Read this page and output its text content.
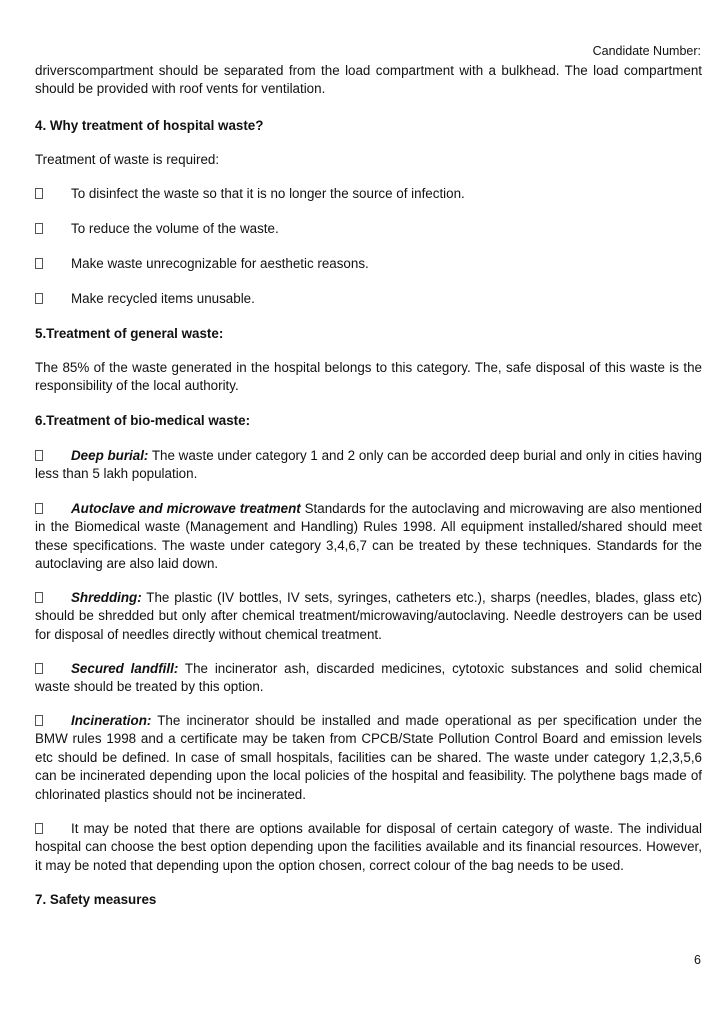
Candidate Number:
driverscompartment should be separated from the load compartment with a bulkhead. The load compartment should be provided with roof vents for ventilation.
4. Why treatment of hospital waste?
Treatment of waste is required:
To disinfect the waste so that it is no longer the source of infection.
To reduce the volume of the waste.
Make waste unrecognizable for aesthetic reasons.
Make recycled items unusable.
5.Treatment of general waste:
The 85% of the waste generated in the hospital belongs to this category. The, safe disposal of this waste is the responsibility of the local authority.
6.Treatment of bio-medical waste:
Deep burial: The waste under category 1 and 2 only can be accorded deep burial and only in cities having less than 5 lakh population.
Autoclave and microwave treatment Standards for the autoclaving and microwaving are also mentioned in the Biomedical waste (Management and Handling) Rules 1998. All equipment installed/shared should meet these specifications. The waste under category 3,4,6,7 can be treated by these techniques. Standards for the autoclaving are also laid down.
Shredding: The plastic (IV bottles, IV sets, syringes, catheters etc.), sharps (needles, blades, glass etc) should be shredded but only after chemical treatment/microwaving/autoclaving. Needle destroyers can be used for disposal of needles directly without chemical treatment.
Secured landfill: The incinerator ash, discarded medicines, cytotoxic substances and solid chemical waste should be treated by this option.
Incineration: The incinerator should be installed and made operational as per specification under the BMW rules 1998 and a certificate may be taken from CPCB/State Pollution Control Board and emission levels etc should be defined. In case of small hospitals, facilities can be shared. The waste under category 1,2,3,5,6 can be incinerated depending upon the local policies of the hospital and feasibility. The polythene bags made of chlorinated plastics should not be incinerated.
It may be noted that there are options available for disposal of certain category of waste. The individual hospital can choose the best option depending upon the facilities available and its financial resources. However, it may be noted that depending upon the option chosen, correct colour of the bag needs to be used.
7. Safety measures
6
